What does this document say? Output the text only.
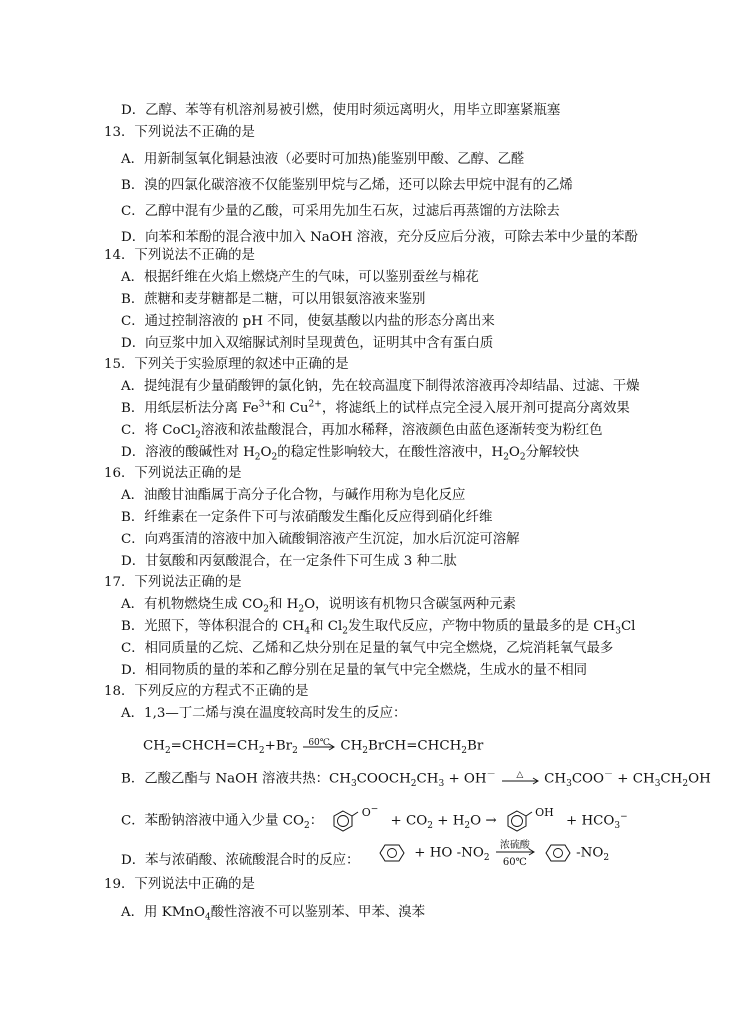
D．乙醇、苯等有机溶剂易被引燃，使用时须远离明火，用毕立即塞紧瓶塞
13．下列说法不正确的是
A．用新制氢氧化铜悬浊液（必要时可加热)能鉴别甲酸、乙醇、乙醛
B．溴的四氯化碳溶液不仅能鉴别甲烷与乙烯，还可以除去甲烷中混有的乙烯
C．乙醇中混有少量的乙酸，可采用先加生石灰，过滤后再蒸馏的方法除去
D．向苯和苯酚的混合液中加入 NaOH 溶液，充分反应后分液，可除去苯中少量的苯酚
14．下列说法不正确的是
A．根据纤维在火焰上燃烧产生的气味，可以鉴别蚕丝与棉花
B．蔗糖和麦芽糖都是二糖，可以用银氨溶液来鉴别
C．通过控制溶液的 pH 不同，使氨基酸以内盐的形态分离出来
D．向豆浆中加入双缩脲试剂时呈现黄色，证明其中含有蛋白质
15．下列关于实验原理的叙述中正确的是
A．提纯混有少量硝酸钾的氯化钠，先在较高温度下制得浓溶液再冷却结晶、过滤、干燥
B．用纸层析法分离 $Fe^{3+}$和 $Cu^{2+}$，将滤纸上的试样点完全浸入展开剂可提高分离效果
C．将 CoCl$_2$溶液和浓盐酸混合，再加水稀释，溶液颜色由蓝色逐渐转变为粉红色
D．溶液的酸碱性对 $H_2O_2$的稳定性影响较大，在酸性溶液中，$H_2O_2$分解较快
16．下列说法正确的是
A．油酸甘油酯属于高分子化合物，与碱作用称为皂化反应
B．纤维素在一定条件下可与浓硝酸发生酯化反应得到硝化纤维
C．向鸡蛋清的溶液中加入硫酸铜溶液产生沉淀，加水后沉淀可溶解
D．甘氨酸和丙氨酸混合，在一定条件下可生成 3 种二肽
17．下列说法正确的是
A．有机物燃烧生成 $CO_2$和 $H_2O$，说明该有机物只含碳氢两种元素
B．光照下，等体积混合的 $CH_4$和 $Cl_2$发生取代反应，产物中物质的量最多的是 $CH_3Cl$
C．相同质量的乙烷、乙烯和乙炔分别在足量的氧气中完全燃烧，乙烷消耗氧气最多
D．相同物质的量的苯和乙醇分别在足量的氧气中完全燃烧，生成水的量不相同
18．下列反应的方程式不正确的是
A．1,3—丁二烯与溴在温度较高时发生的反应：
$CH_2=CHCH=CH_2+Br_2$
60℃ $CH_2BrCH=CHCH_2Br$
B．乙酸乙酯与 NaOH 溶液共热：$CH_3COOCH_2CH_3 + OH^-$	△	$CH_3COO^- + CH_3CH_2OH$
C．苯酚钠溶液中通入少量 $CO_2$：  $^{O^-} + CO_2 + H_2O \to ^{OH} + HCO_3^-$
D．苯与浓硝酸、浓硫酸混合时的反应：	+ HO $-NO_2$
浓硫酸
60℃
$-NO_2$
19．下列说法中正确的是
A．用 KMnO$_4$酸性溶液不可以鉴别苯、甲苯、溴苯
